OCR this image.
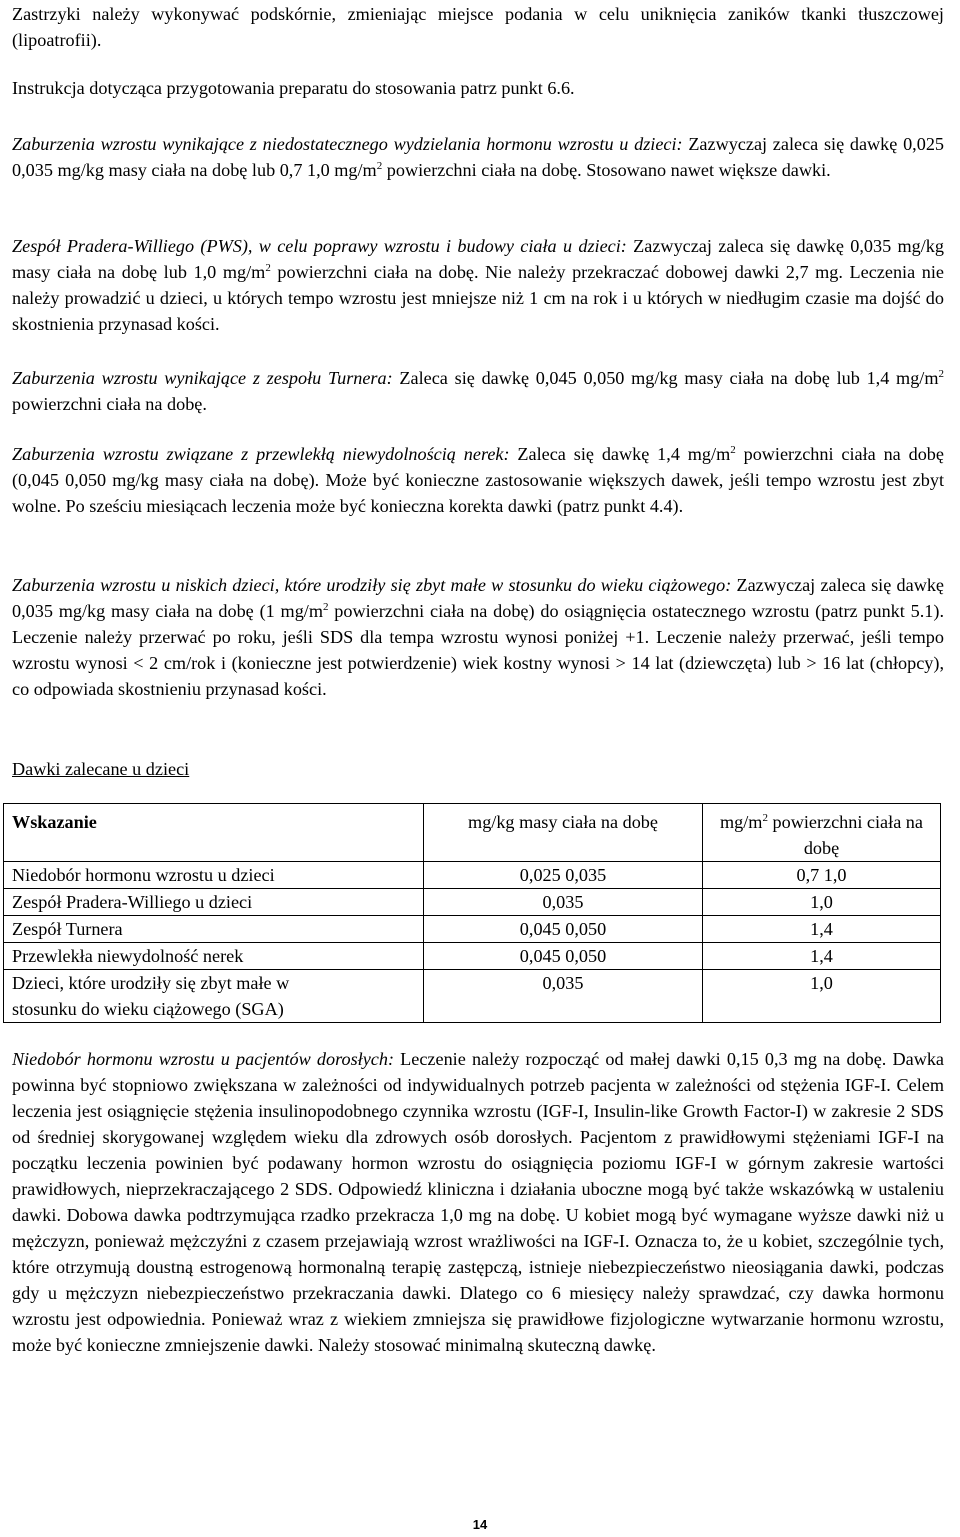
Zastrzyki należy wykonywać podskórnie, zmieniając miejsce podania w celu uniknięcia zaników tkanki tłuszczowej (lipoatrofii).

Instrukcja dotycząca przygotowania preparatu do stosowania patrz punkt 6.6.

Zaburzenia wzrostu wynikające z niedostatecznego wydzielania hormonu wzrostu u dzieci: Zazwyczaj zaleca się dawkę 0,025 0,035 mg/kg masy ciała na dobę lub 0,7 1,0 $mg/m^2$ powierzchni ciała na dobę. Stosowano nawet większe dawki.

Zespół Pradera-Williego (PWS), w celu poprawy wzrostu i budowy ciała u dzieci: Zazwyczaj zaleca się dawkę 0,035 mg/kg masy ciała na dobę lub 1,0 $mg/m^2$ powierzchni ciała na dobę. Nie należy przekraczać dobowej dawki 2,7 mg. Leczenia nie należy prowadzić u dzieci, u których tempo wzrostu jest mniejsze niż 1 cm na rok i u których w niedługim czasie ma dojść do skostnienia przynasad kości.

Zaburzenia wzrostu wynikające z zespołu Turnera: Zaleca się dawkę 0,045 0,050 mg/kg masy ciała na dobę lub 1,4 $mg/m^2$ powierzchni ciała na dobę.

Zaburzenia wzrostu związane z przewlekłą niewydolnością nerek: Zaleca się dawkę 1,4 $mg/m^2$ powierzchni ciała na dobę (0,045 0,050 mg/kg masy ciała na dobę). Może być konieczne zastosowanie większych dawek, jeśli tempo wzrostu jest zbyt wolne. Po sześciu miesiącach leczenia może być konieczna korekta dawki (patrz punkt 4.4).

Zaburzenia wzrostu u niskich dzieci, które urodziły się zbyt małe w stosunku do wieku ciążowego: Zazwyczaj zaleca się dawkę 0,035 mg/kg masy ciała na dobę (1 $mg/m^2$ powierzchni ciała na dobę) do osiągnięcia ostatecznego wzrostu (patrz punkt 5.1). Leczenie należy przerwać po roku, jeśli SDS dla tempa wzrostu wynosi poniżej +1. Leczenie należy przerwać, jeśli tempo wzrostu wynosi < 2 cm/rok i (konieczne jest potwierdzenie) wiek kostny wynosi > 14 lat (dziewczęta) lub > 16 lat (chłopcy), co odpowiada skostnieniu przynasad kości.

Dawki zalecane u dzieci
Wskazanie	mg/kg masy ciała na dobę	$mg/m^2$ powierzchni ciała na dobę
Niedobór hormonu wzrostu u dzieci	0,025 0,035	0,7 1,0
Zespół Pradera-Williego u dzieci	0,035	1,0
Zespół Turnera	0,045 0,050	1,4
Przewlekła niewydolność nerek	0,045 0,050	1,4
Dzieci, które urodziły się zbyt małe w stosunku do wieku ciążowego (SGA)	0,035	1,0

Niedobór hormonu wzrostu u pacjentów dorosłych: Leczenie należy rozpocząć od małej dawki 0,15 0,3 mg na dobę. Dawka powinna być stopniowo zwiększana w zależności od indywidualnych potrzeb pacjenta w zależności od stężenia IGF-I. Celem leczenia jest osiągnięcie stężenia insulinopodobnego czynnika wzrostu (IGF-I, Insulin-like Growth Factor-I) w zakresie 2 SDS od średniej skorygowanej względem wieku dla zdrowych osób dorosłych. Pacjentom z prawidłowymi stężeniami IGF-I na początku leczenia powinien być podawany hormon wzrostu do osiągnięcia poziomu IGF-I w górnym zakresie wartości prawidłowych, nieprzekraczającego 2 SDS. Odpowiedź kliniczna i działania uboczne mogą być także wskazówką w ustaleniu dawki. Dobowa dawka podtrzymująca rzadko przekracza 1,0 mg na dobę. U kobiet mogą być wymagane wyższe dawki niż u mężczyzn, ponieważ mężczyźni z czasem przejawiają wzrost wrażliwości na IGF-I. Oznacza to, że u kobiet, szczególnie tych, które otrzymują doustną estrogenową hormonalną terapię zastępczą, istnieje niebezpieczeństwo nieosiągania dawki, podczas gdy u mężczyzn niebezpieczeństwo przekraczania dawki. Dlatego co 6 miesięcy należy sprawdzać, czy dawka hormonu wzrostu jest odpowiednia. Ponieważ wraz z wiekiem zmniejsza się prawidłowe fizjologiczne wytwarzanie hormonu wzrostu, może być konieczne zmniejszenie dawki. Należy stosować minimalną skuteczną dawkę.

14
